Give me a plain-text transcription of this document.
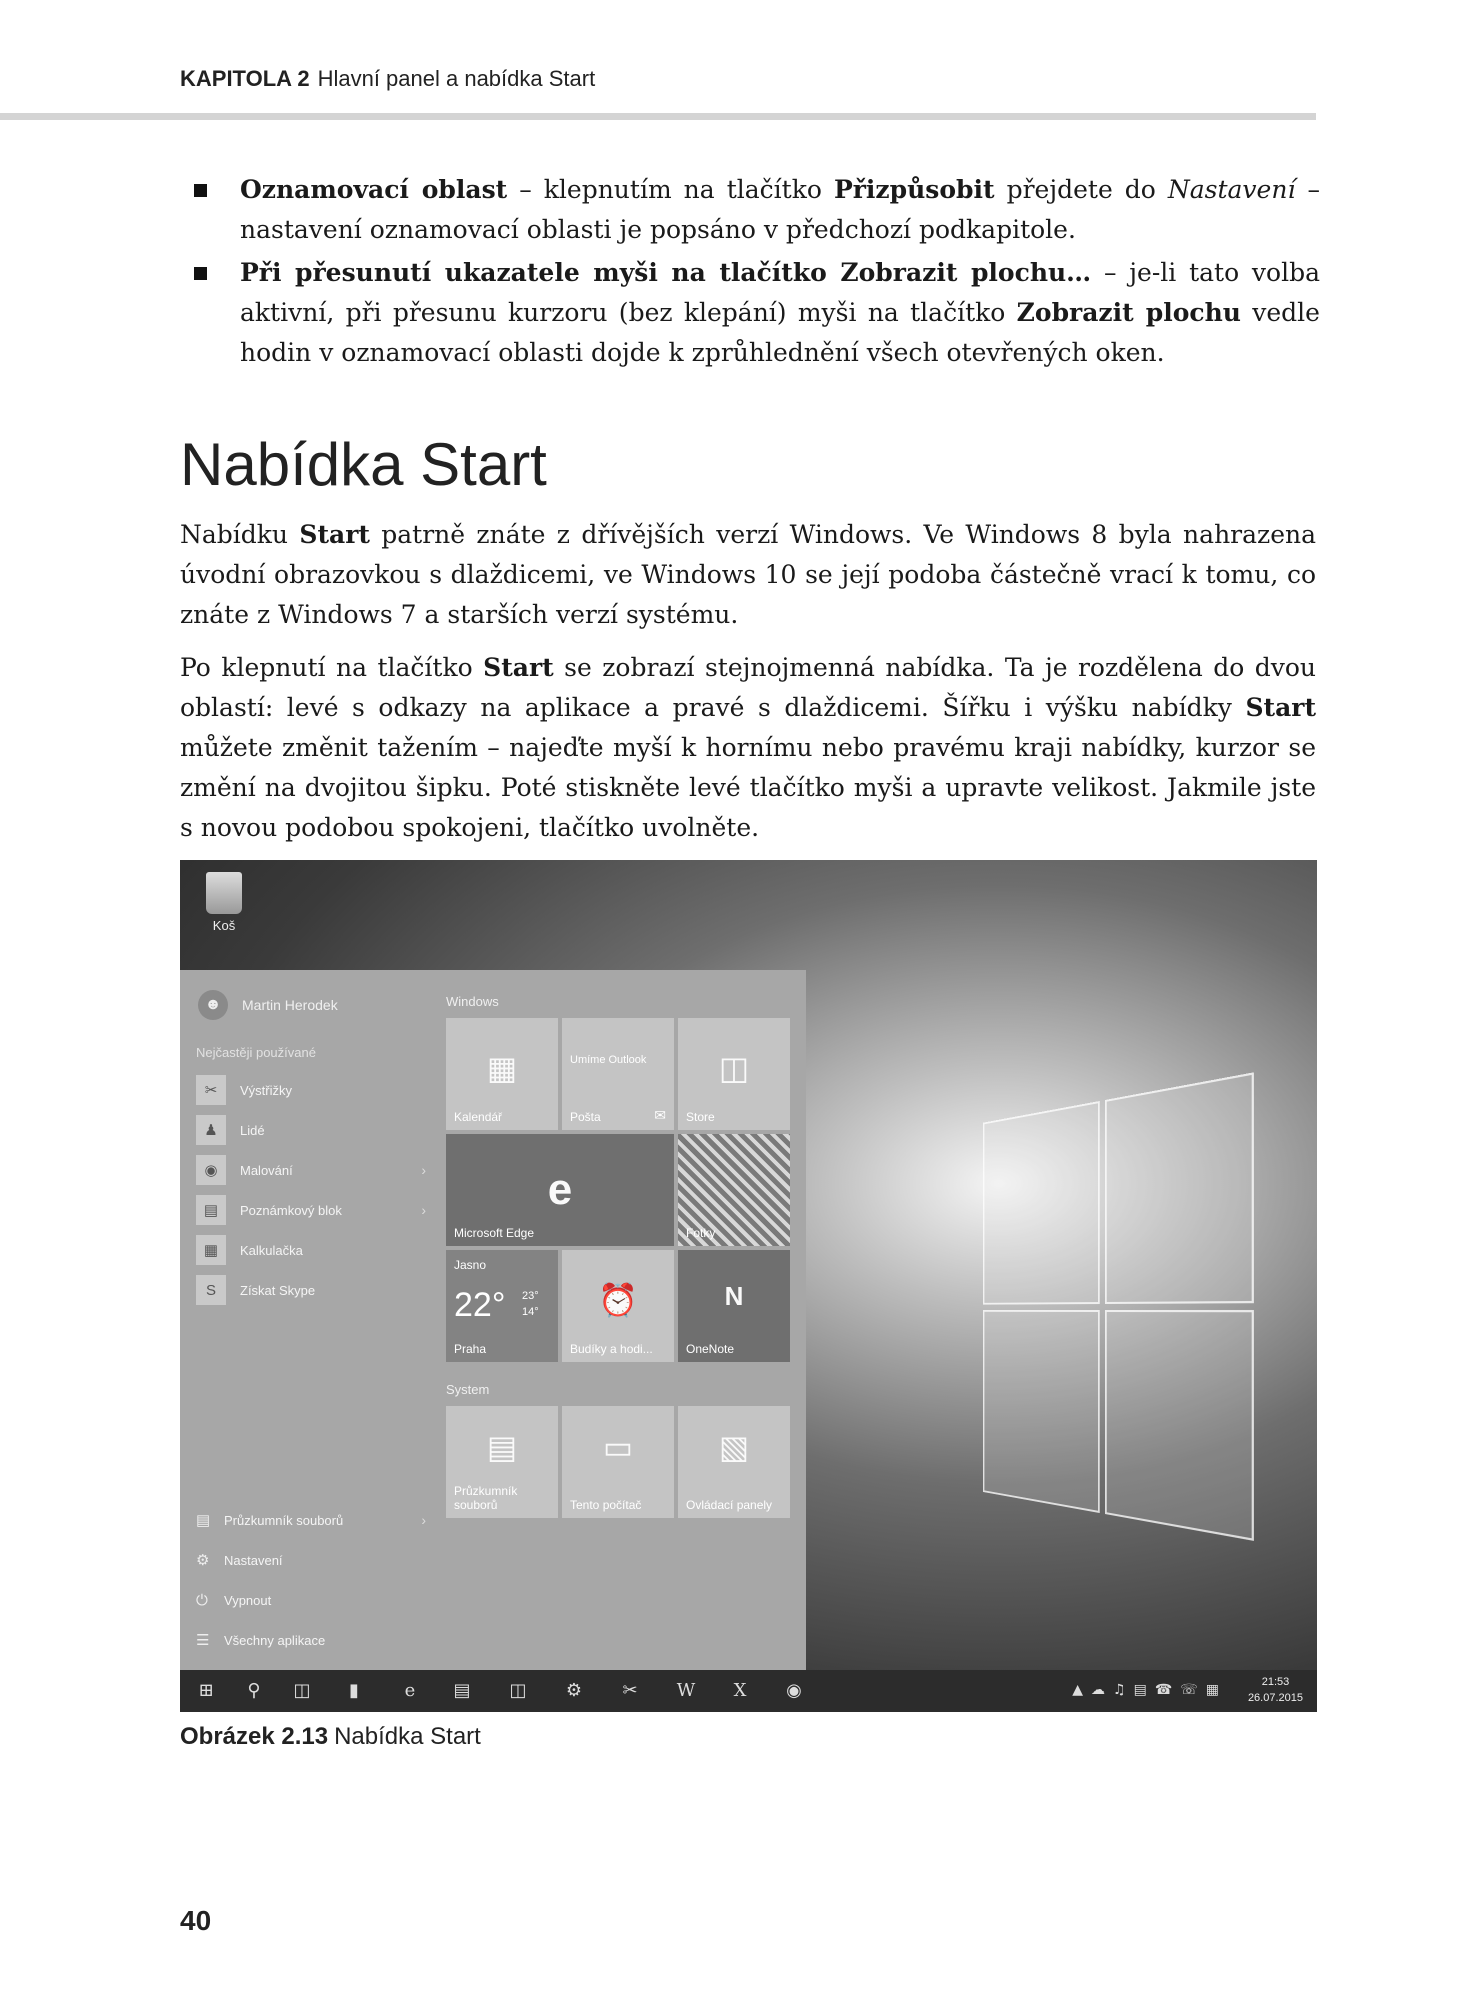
KAPITOLA 2 Hlavní panel a nabídka Start
Oznamovací oblast – klepnutím na tlačítko Přizpůsobit přejdete do Nastavení – nastavení oznamovací oblasti je popsáno v předchozí podkapitole.
Při přesunutí ukazatele myši na tlačítko Zobrazit plochu… – je-li tato volba aktivní, při přesunu kurzoru (bez klepání) myši na tlačítko Zobrazit plochu vedle hodin v oznamovací oblasti dojde k zprůhlednění všech otevřených oken.
Nabídka Start

Nabídku Start patrně znáte z dřívějších verzí Windows. Ve Windows 8 byla nahrazena úvodní obrazovkou s dlaždicemi, ve Windows 10 se její podoba částečně vrací k tomu, co znáte z Windows 7 a starších verzí systému.

Po klepnutí na tlačítko Start se zobrazí stejnojmenná nabídka. Ta je rozdělena do dvou oblastí: levé s odkazy na aplikace a pravé s dlaždicemi. Šířku i výšku nabídky Start můžete změnit tažením – najeďte myší k hornímu nebo pravému kraji nabídky, kurzor se změní na dvojitou šipku. Poté stiskněte levé tlačítko myši a upravte velikost. Jakmile jste s novou podobou spokojeni, tlačítko uvolněte.

Koš
☻	Martin Herodek
Nejčastěji používané
✂	Výstřižky
♟	Lidé
◉	Malování	›
▤	Poznámkový blok	›
▦	Kalkulačka
S	Získat Skype
▤ Průzkumník souborů	›
⚙	Nastavení
⏻	Vypnout
☰	Všechny aplikace
Windows
▦
Kalendář
Umíme Outlook
Pošta	✉
◫
Store
e
Microsoft Edge	Fotky
Jasno
22° 23°
14°
Praha
⏰
Budíky a hodi...
N
OneNote
System
▤
Průzkumník souborů
▭
Tento počítač
▧
Ovládací panely
⊞	⚲	◫	▮	e	▤ ◫ ⚙ ✂ W	X	◉	▲☁♫▤☎☏▦	21:53
26.07.2015
Obrázek 2.13 Nabídka Start
40
